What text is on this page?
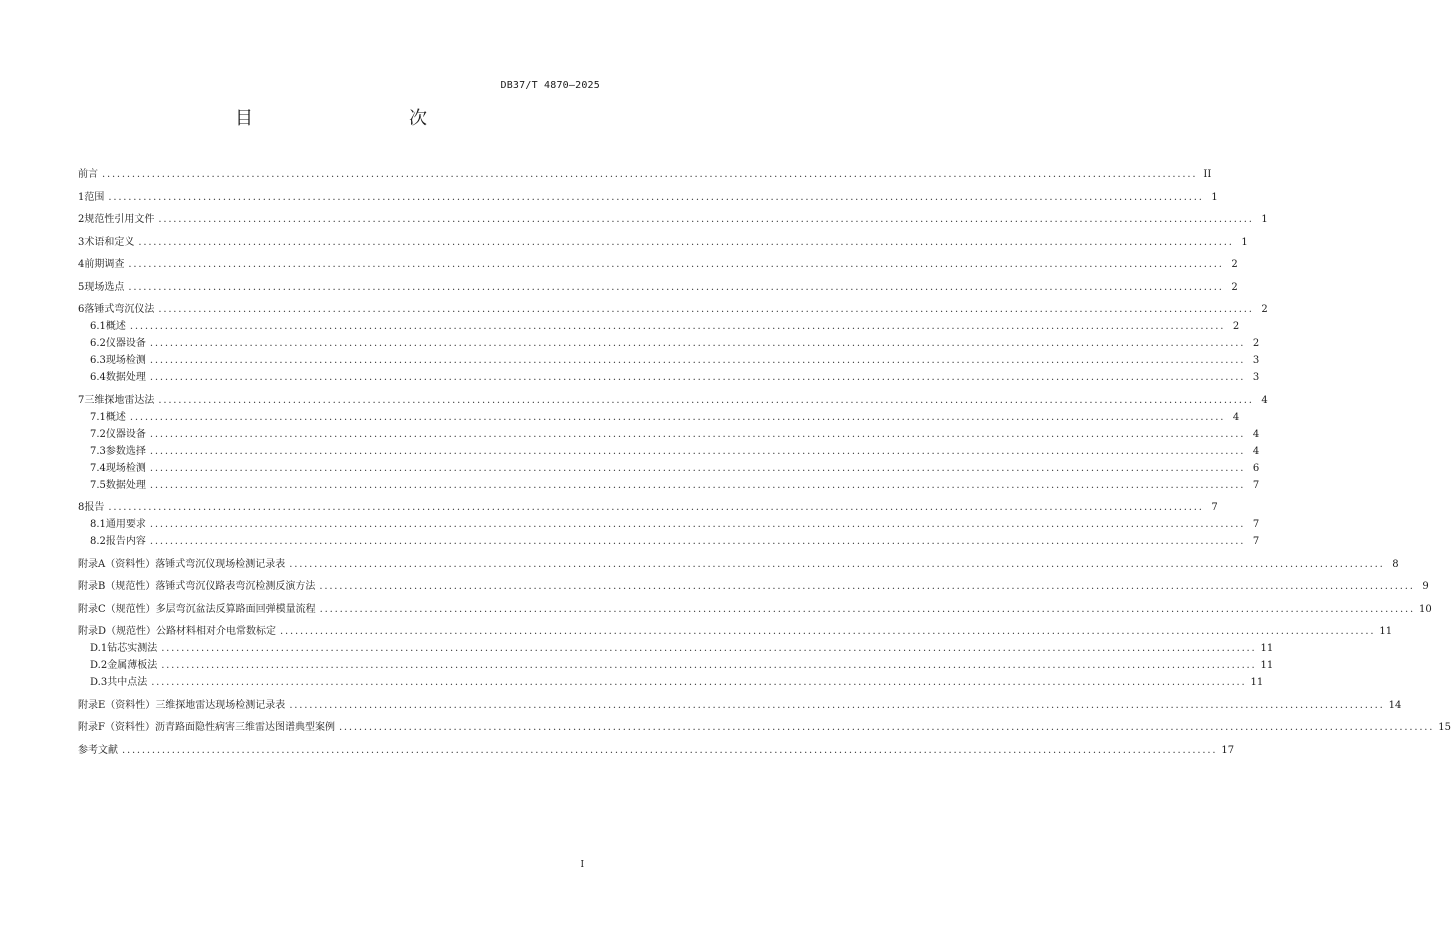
DB37/T 4870—2025
目　　次
前言 ............................................................................................................................................................................................................................ II
1 范围 ............................................................................................................................................................................................................................ 1
2 规范性引用文件 ............................................................................................................................................................................................................................ 1
3 术语和定义 ............................................................................................................................................................................................................................ 1
4 前期调查 ............................................................................................................................................................................................................................ 2
5 现场选点 ............................................................................................................................................................................................................................ 2
6 落锤式弯沉仪法 ............................................................................................................................................................................................................................ 2
6.1 概述 ............................................................................................................................................................................................................................ 2
6.2 仪器设备 ............................................................................................................................................................................................................................ 2
6.3 现场检测 ............................................................................................................................................................................................................................ 3
6.4 数据处理 ............................................................................................................................................................................................................................ 3
7 三维探地雷达法 ............................................................................................................................................................................................................................ 4
7.1 概述 ............................................................................................................................................................................................................................ 4
7.2 仪器设备 ............................................................................................................................................................................................................................ 4
7.3 参数选择 ............................................................................................................................................................................................................................ 4
7.4 现场检测 ............................................................................................................................................................................................................................ 6
7.5 数据处理 ............................................................................................................................................................................................................................ 7
8 报告 ............................................................................................................................................................................................................................ 7
8.1 通用要求 ............................................................................................................................................................................................................................ 7
8.2 报告内容 ............................................................................................................................................................................................................................ 7
附录A（资料性） 落锤式弯沉仪现场检测记录表 ............................................................................................................................................................................................................................ 8
附录B（规范性） 落锤式弯沉仪路表弯沉检测反演方法 ............................................................................................................................................................................................................................ 9
附录C（规范性） 多层弯沉盆法反算路面回弹模量流程 ............................................................................................................................................................................................................................ 10
附录D（规范性） 公路材料相对介电常数标定 ............................................................................................................................................................................................................................ 11
D.1 钻芯实测法 ............................................................................................................................................................................................................................ 11
D.2 金属薄板法 ............................................................................................................................................................................................................................ 11
D.3 共中点法 ............................................................................................................................................................................................................................ 11
附录E（资料性） 三维探地雷达现场检测记录表 ............................................................................................................................................................................................................................ 14
附录F（资料性） 沥青路面隐性病害三维雷达图谱典型案例 ............................................................................................................................................................................................................................ 15
参考文献 ............................................................................................................................................................................................................................ 17
I
